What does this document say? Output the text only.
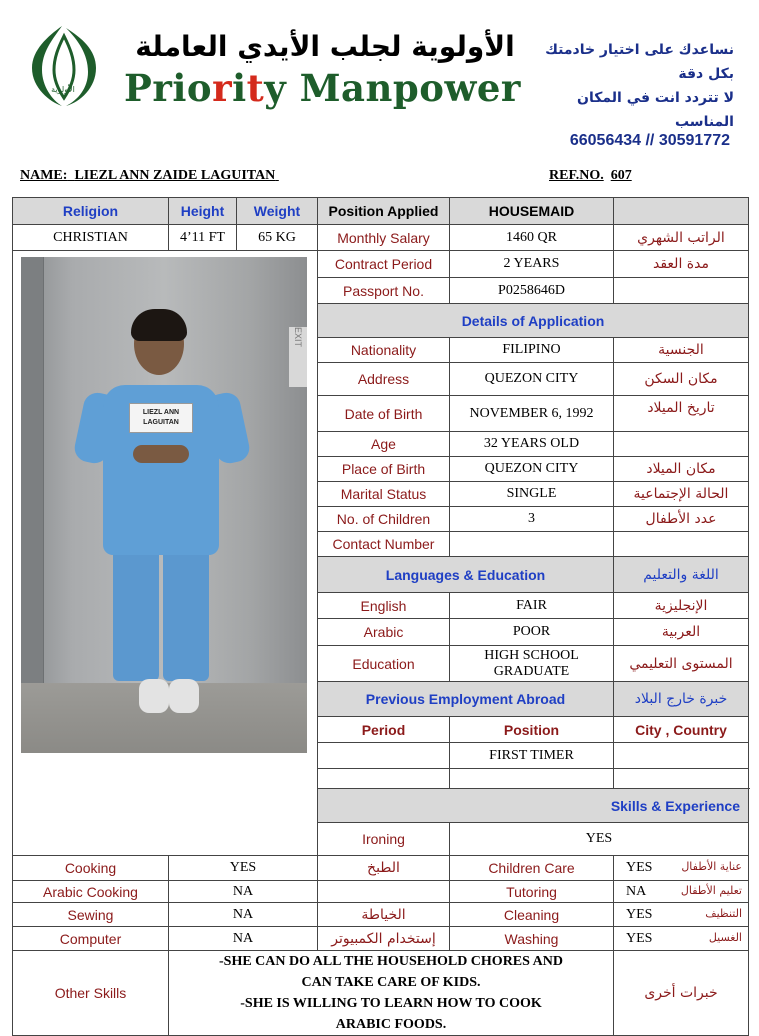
الأولوية
الأولوية لجلب الأيدي العاملة
Priority Manpower
نساعدك على اختيار خادمتك بكل دقة
لا تتردد انت في المكان المناسب
66056434 // 30591772
NAME: LIEZL ANN ZAIDE LAGUITAN	REF.NO. 607
Religion	Height	Weight	Position Applied	HOUSEMAID		
CHRISTIAN	4’11 FT	65 KG	Monthly Salary	1460 QR	الراتب الشهري	

EXIT
LIEZL ANN LAGUITAN			Contract Period	2 YEARS	مدة العقد	
			Passport No.	P0258646D		
			Details of Application			
			Nationality	FILIPINO	الجنسية	
			Address	QUEZON CITY	مكان السكن	
			Date of Birth	NOVEMBER 6, 1992	تاريخ الميلاد	
			Age	32 YEARS OLD		
			Place of Birth	QUEZON CITY	مكان الميلاد	
			Marital Status	SINGLE	الحالة الإجتماعية	
			No. of Children	3	عدد الأطفال	
			Contact Number			
			Languages & Education		اللغة والتعليم	
			English	FAIR	الإنجليزية	
			Arabic	POOR	العربية	
			Education	HIGH SCHOOL GRADUATE	المستوى التعليمي	
			Previous Employment Abroad		خبرة خارج البلاد	
			Period	Position	City , Country	
				FIRST TIMER		

			Skills & Experience	
			Ironing	YES			

Cooking	YES		الطبخ	Children Care	YES عناية الأطفال	

Arabic Cooking	NA			Tutoring	NA تعليم الأطفال	

Sewing	NA		الخياطة	Cleaning	YES التنظيف	

Computer	NA		إستخدام الكمبيوتر	Washing	YES الغسيل	

Other Skills	-SHE CAN DO ALL THE HOUSEHOLD CHORES AND
CAN TAKE CARE OF KIDS.
-SHE IS WILLING TO LEARN HOW TO COOK
ARABIC FOODS.				خبرات أخرى	
